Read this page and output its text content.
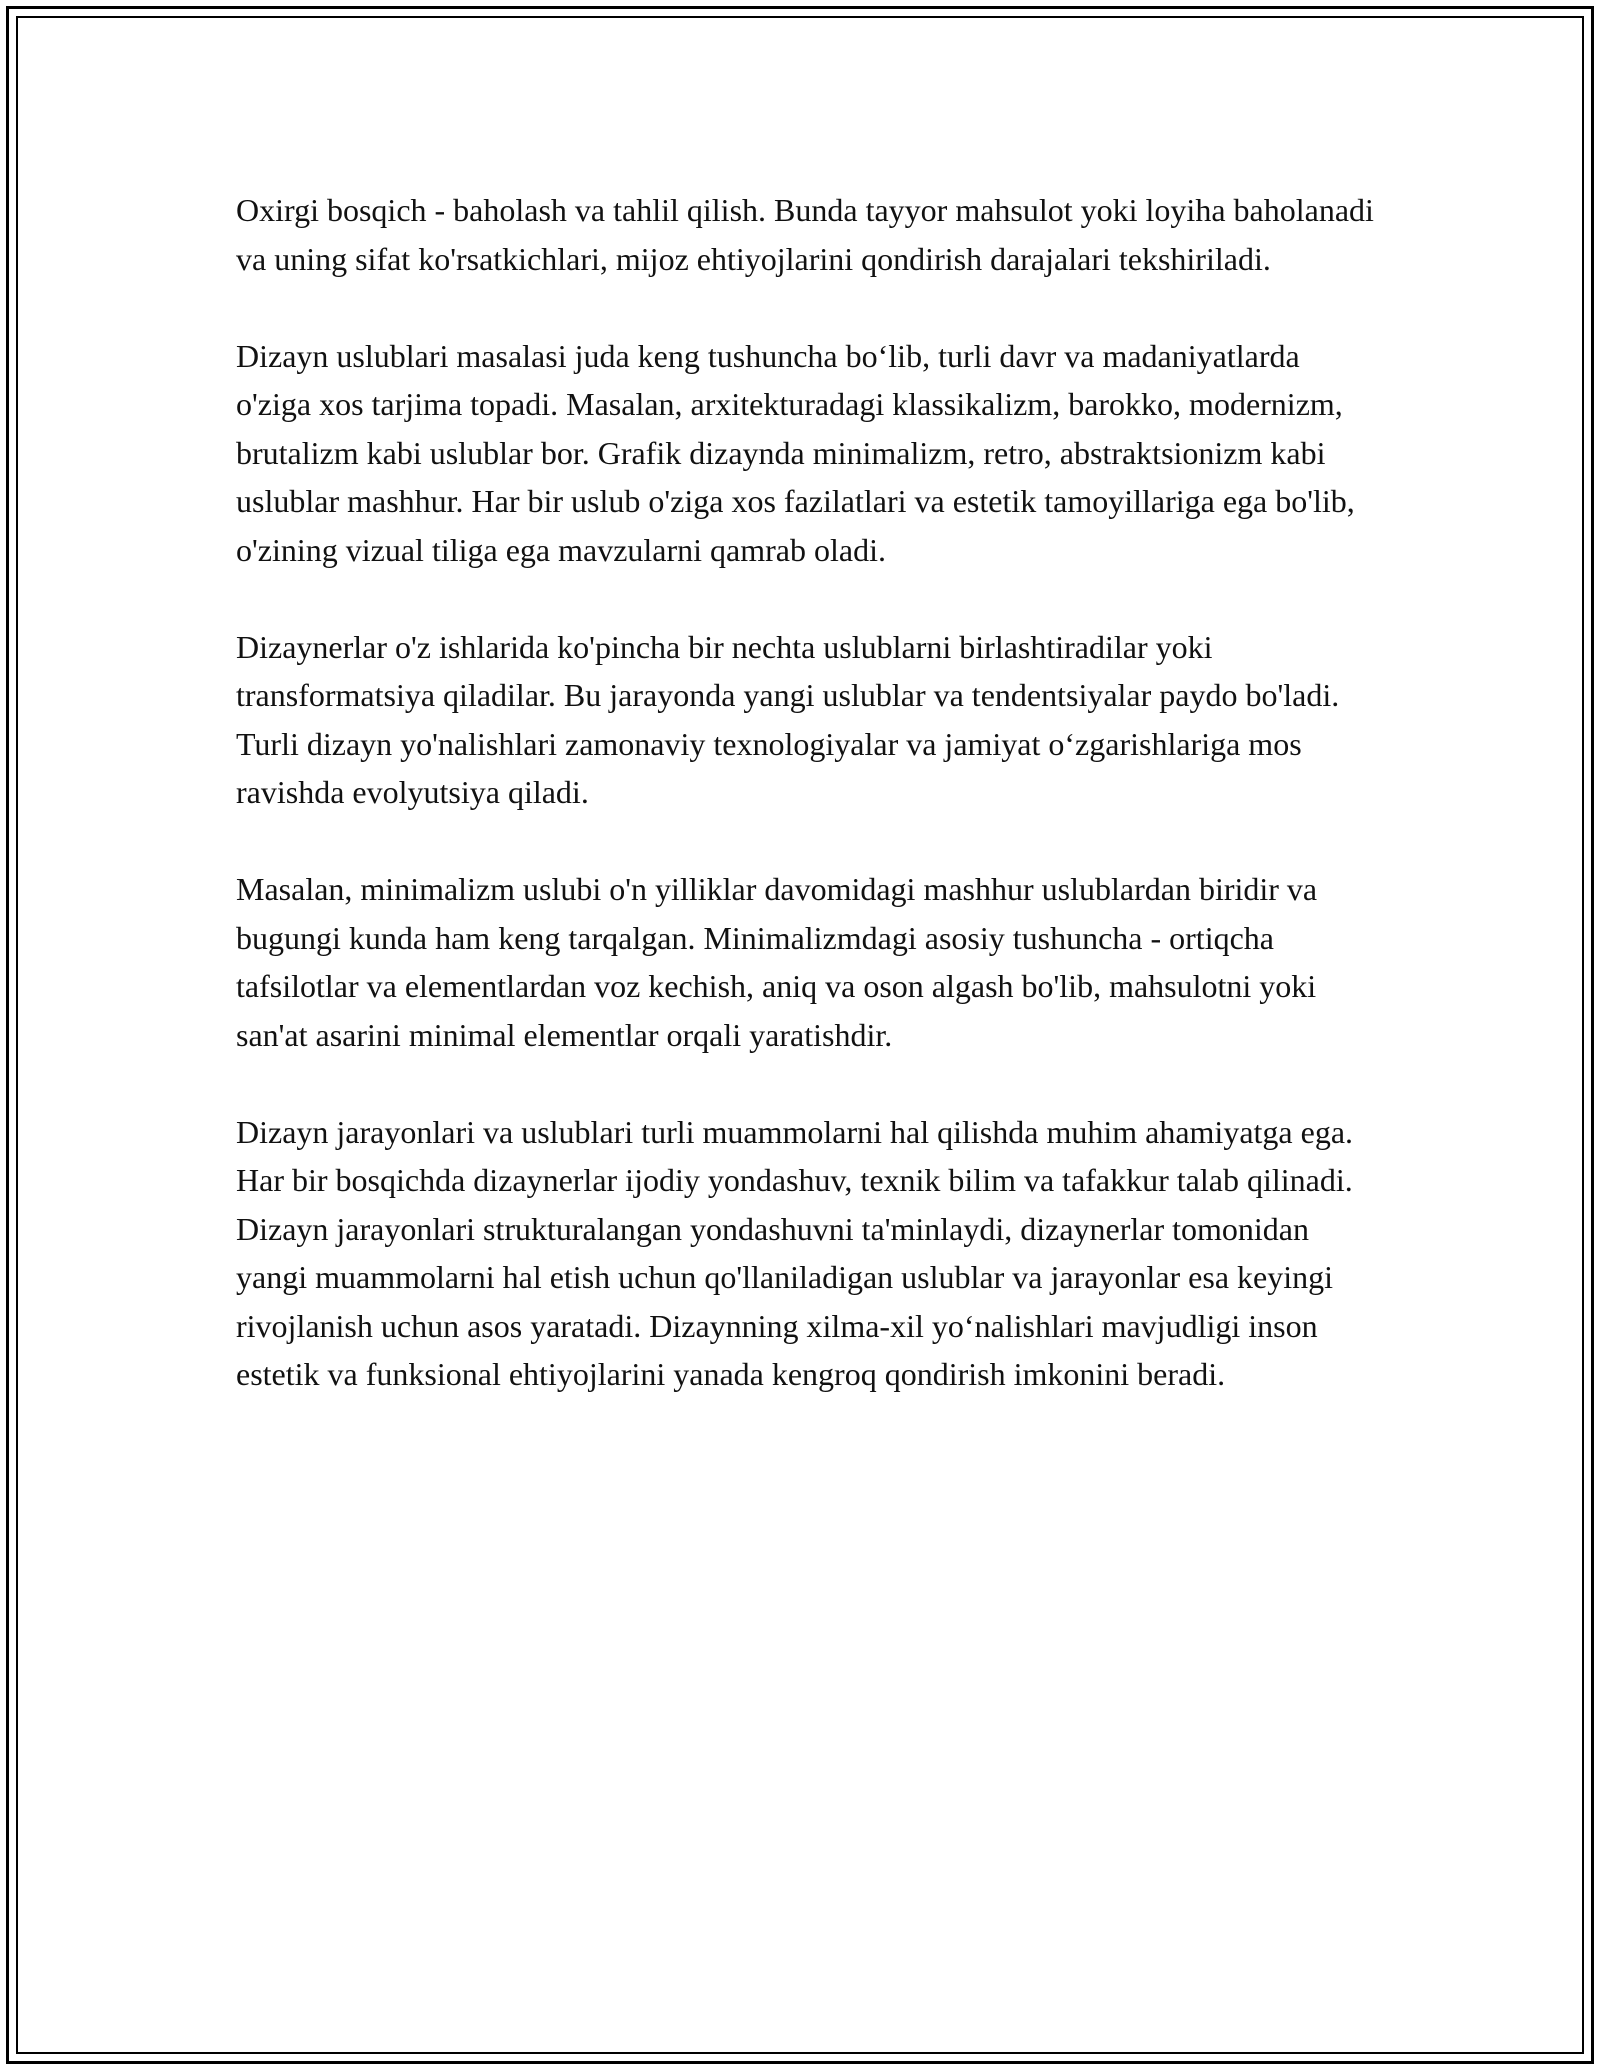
Oxirgi bosqich - baholash va tahlil qilish. Bunda tayyor mahsulot yoki loyiha baholanadi va uning sifat ko'rsatkichlari, mijoz ehtiyojlarini qondirish darajalari tekshiriladi.

Dizayn uslublari masalasi juda keng tushuncha bo‘lib, turli davr va madaniyatlarda o'ziga xos tarjima topadi. Masalan, arxitekturadagi klassikalizm, barokko, modernizm, brutalizm kabi uslublar bor. Grafik dizaynda minimalizm, retro, abstraktsionizm kabi uslublar mashhur. Har bir uslub o'ziga xos fazilatlari va estetik tamoyillariga ega bo'lib, o'zining vizual tiliga ega mavzularni qamrab oladi.

Dizaynerlar o'z ishlarida ko'pincha bir nechta uslublarni birlashtiradilar yoki transformatsiya qiladilar. Bu jarayonda yangi uslublar va tendentsiyalar paydo bo'ladi. Turli dizayn yo'nalishlari zamonaviy texnologiyalar va jamiyat o‘zgarishlariga mos ravishda evolyutsiya qiladi.

Masalan, minimalizm uslubi o'n yilliklar davomidagi mashhur uslublardan biridir va bugungi kunda ham keng tarqalgan. Minimalizmdagi asosiy tushuncha - ortiqcha tafsilotlar va elementlardan voz kechish, aniq va oson algash bo'lib, mahsulotni yoki san'at asarini minimal elementlar orqali yaratishdir.

Dizayn jarayonlari va uslublari turli muammolarni hal qilishda muhim ahamiyatga ega. Har bir bosqichda dizaynerlar ijodiy yondashuv, texnik bilim va tafakkur talab qilinadi. Dizayn jarayonlari strukturalangan yondashuvni ta'minlaydi, dizaynerlar tomonidan yangi muammolarni hal etish uchun qo'llaniladigan uslublar va jarayonlar esa keyingi rivojlanish uchun asos yaratadi. Dizaynning xilma-xil yo‘nalishlari mavjudligi inson estetik va funksional ehtiyojlarini yanada kengroq qondirish imkonini beradi.
